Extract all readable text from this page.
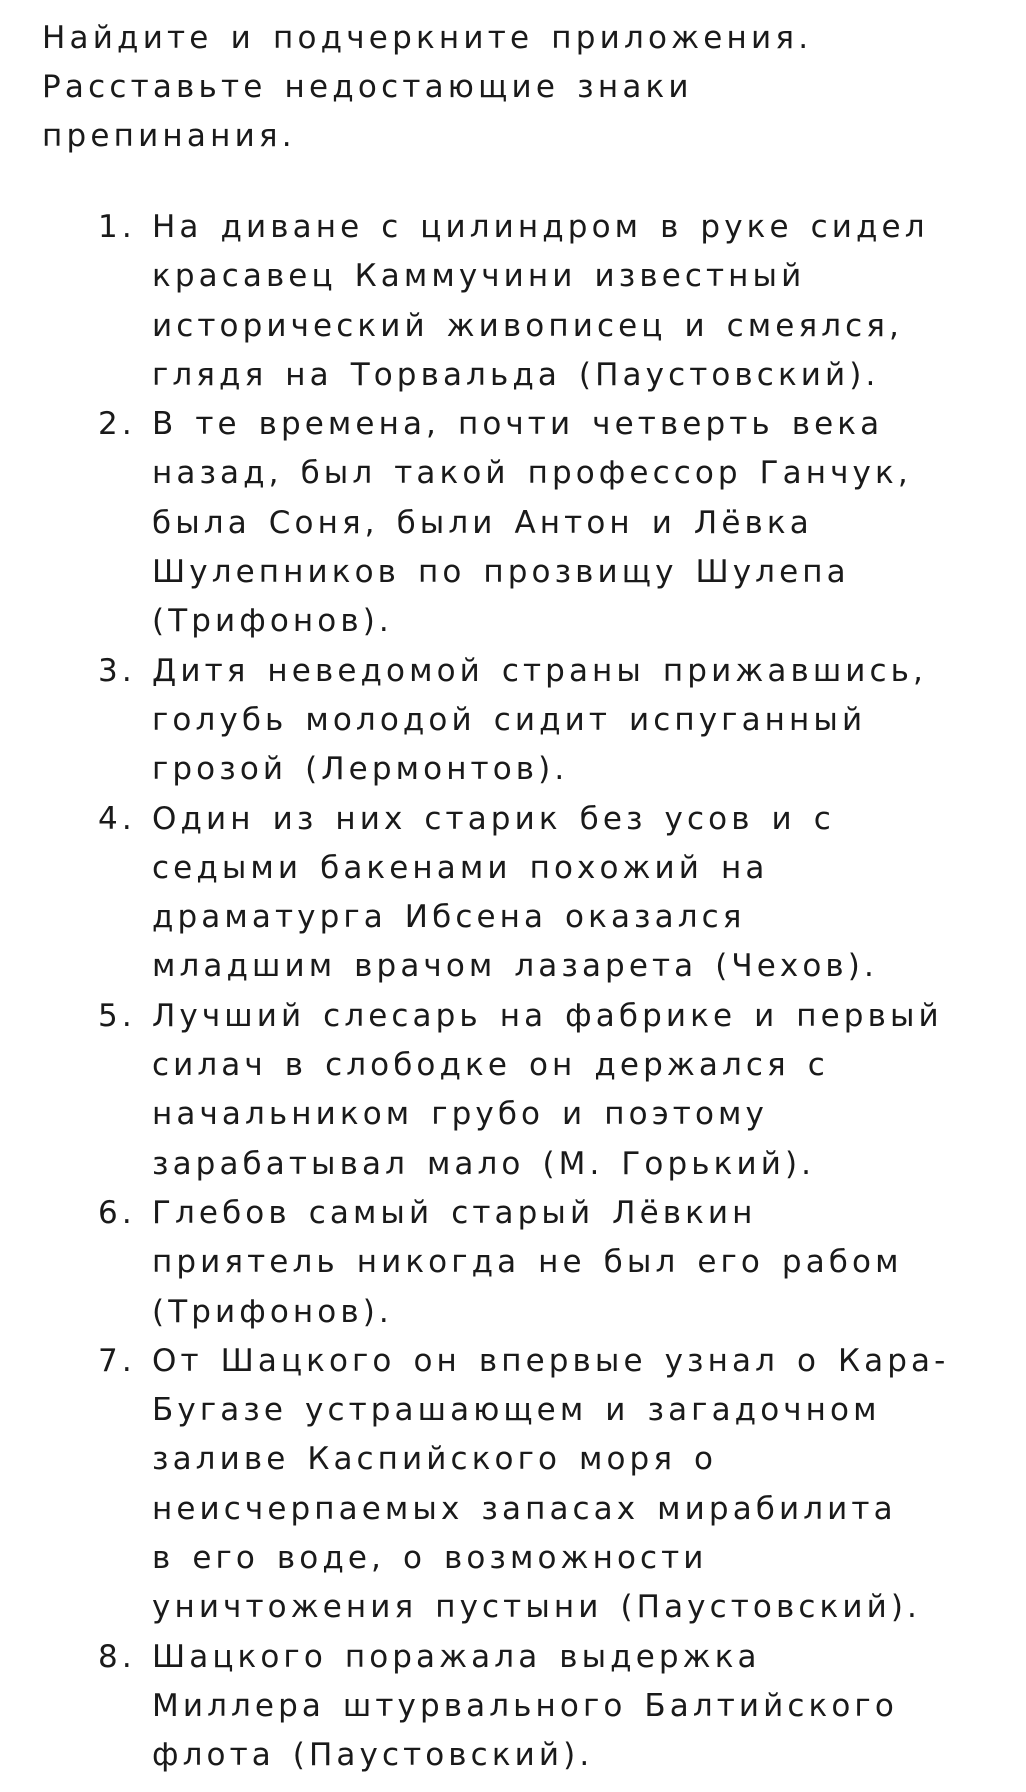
Найдите и подчеркните приложения.
Расставьте недостающие знаки
препинания.
1. На диване с цилиндром в руке сидел
красавец Каммучини известный
исторический живописец и смеялся,
глядя на Торвальда (Паустовский).
2. В те времена, почти четверть века
назад, был такой профессор Ганчук,
была Соня, были Антон и Лёвка
Шулепников по прозвищу Шулепа
(Трифонов).
3. Дитя неведомой страны прижавшись,
голубь молодой сидит испуганный
грозой (Лермонтов).
4. Один из них старик без усов и с
седыми бакенами похожий на
драматурга Ибсена оказался
младшим врачом лазарета (Чехов).
5. Лучший слесарь на фабрике и первый
силач в слободке он держался с
начальником грубо и поэтому
зарабатывал мало (М. Горький).
6. Глебов самый старый Лёвкин
приятель никогда не был его рабом
(Трифонов).
7. От Шацкого он впервые узнал о Кара-
Бугазе устрашающем и загадочном
заливе Каспийского моря о
неисчерпаемых запасах мирабилита
в его воде, о возможности
уничтожения пустыни (Паустовский).
8. Шацкого поражала выдержка
Миллера штурвального Балтийского
флота (Паустовский).
